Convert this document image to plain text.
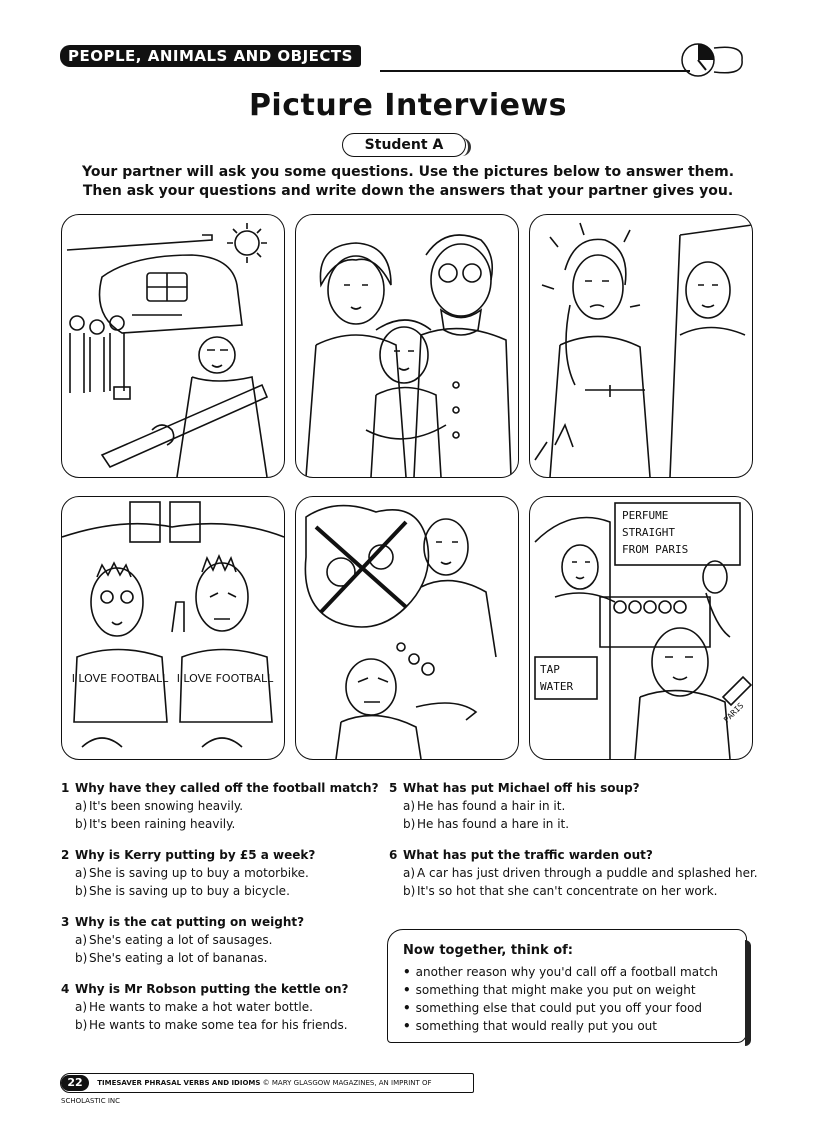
PEOPLE, ANIMALS AND OBJECTS
Picture Interviews
Student A
Your partner will ask you some questions. Use the pictures below to answer them.
Then ask your questions and write down the answers that your partner gives you.
I LOVE FOOTBALL I LOVE FOOTBALL
PERFUME
STRAIGHT
FROM PARIS
TAP
WATER
PARIS
1 Why have they called off the football match?
a) It's been snowing heavily.
b) It's been raining heavily.
2 Why is Kerry putting by £5 a week?
a) She is saving up to buy a motorbike.
b) She is saving up to buy a bicycle.
3 Why is the cat putting on weight?
a) She's eating a lot of sausages.
b) She's eating a lot of bananas.
4 Why is Mr Robson putting the kettle on?
a) He wants to make a hot water bottle.
b) He wants to make some tea for his friends.
5 What has put Michael off his soup?
a) He has found a hair in it.
b) He has found a hare in it.
6 What has put the traffic warden out?
a) A car has just driven through a puddle and splashed her.
b) It's so hot that she can't concentrate on her work.
Now together, think of:
• another reason why you'd call off a football match
• something that might make you put on weight
• something else that could put you off your food
• something that would really put you out
22 TIMESAVER PHRASAL VERBS AND IDIOMS © MARY GLASGOW MAGAZINES, AN IMPRINT OF SCHOLASTIC INC
